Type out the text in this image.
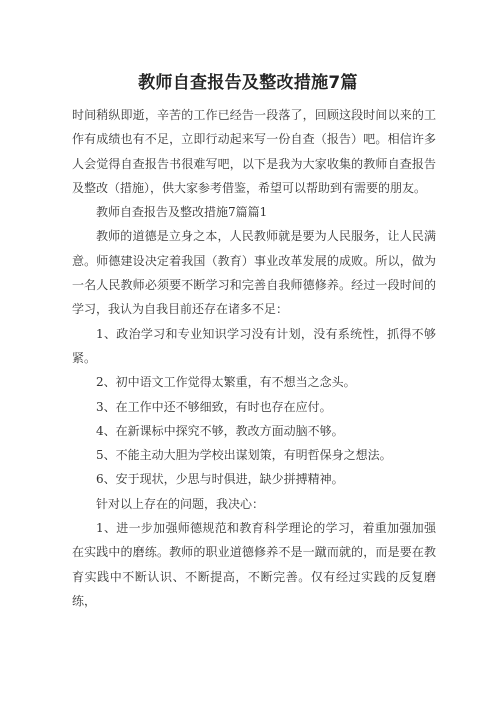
教师自查报告及整改措施7篇

时间稍纵即逝，辛苦的工作已经告一段落了，回顾这段时间以来的工作有成绩也有不足，立即行动起来写一份自查（报告）吧。相信许多人会觉得自查报告书很难写吧，以下是我为大家收集的教师自查报告及整改（措施），供大家参考借鉴，希望可以帮助到有需要的朋友。

教师自查报告及整改措施7篇篇1

教师的道德是立身之本，人民教师就是要为人民服务，让人民满意。师德建设决定着我国（教育）事业改革发展的成败。所以，做为一名人民教师必须要不断学习和完善自我师德修养。经过一段时间的学习，我认为自我目前还存在诸多不足：

1、政治学习和专业知识学习没有计划，没有系统性，抓得不够紧。

2、初中语文工作觉得太繁重，有不想当之念头。

3、在工作中还不够细致，有时也存在应付。

4、在新课标中探究不够，教改方面动脑不够。

5、不能主动大胆为学校出谋划策，有明哲保身之想法。

6、安于现状，少思与时俱进，缺少拼搏精神。

针对以上存在的问题，我决心：

1、进一步加强师德规范和教育科学理论的学习，着重加强加强在实践中的磨练。教师的职业道德修养不是一蹴而就的，而是要在教育实践中不断认识、不断提高，不断完善。仅有经过实践的反复磨练，
